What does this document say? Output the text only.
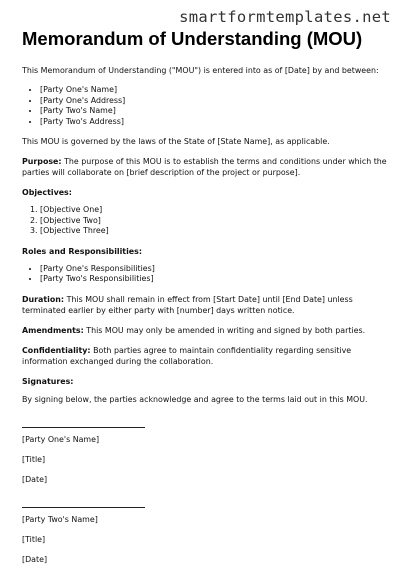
smartformtemplates.net
Memorandum of Understanding (MOU)

This Memorandum of Understanding ("MOU") is entered into as of [Date] by and between:

• [Party One's Name]
• [Party One's Address]
• [Party Two's Name]
• [Party Two's Address]

This MOU is governed by the laws of the State of [State Name], as applicable.

Purpose: The purpose of this MOU is to establish the terms and conditions under which the parties will collaborate on [brief description of the project or purpose].

Objectives:

1. [Objective One]
2. [Objective Two]
3. [Objective Three]

Roles and Responsibilities:

• [Party One's Responsibilities]
• [Party Two's Responsibilities]

Duration: This MOU shall remain in effect from [Start Date] until [End Date] unless terminated earlier by either party with [number] days written notice.

Amendments: This MOU may only be amended in writing and signed by both parties.

Confidentiality: Both parties agree to maintain confidentiality regarding sensitive information exchanged during the collaboration.

Signatures:

By signing below, the parties acknowledge and agree to the terms laid out in this MOU.

[Party One's Name]

[Title]

[Date]

[Party Two's Name]

[Title]

[Date]
